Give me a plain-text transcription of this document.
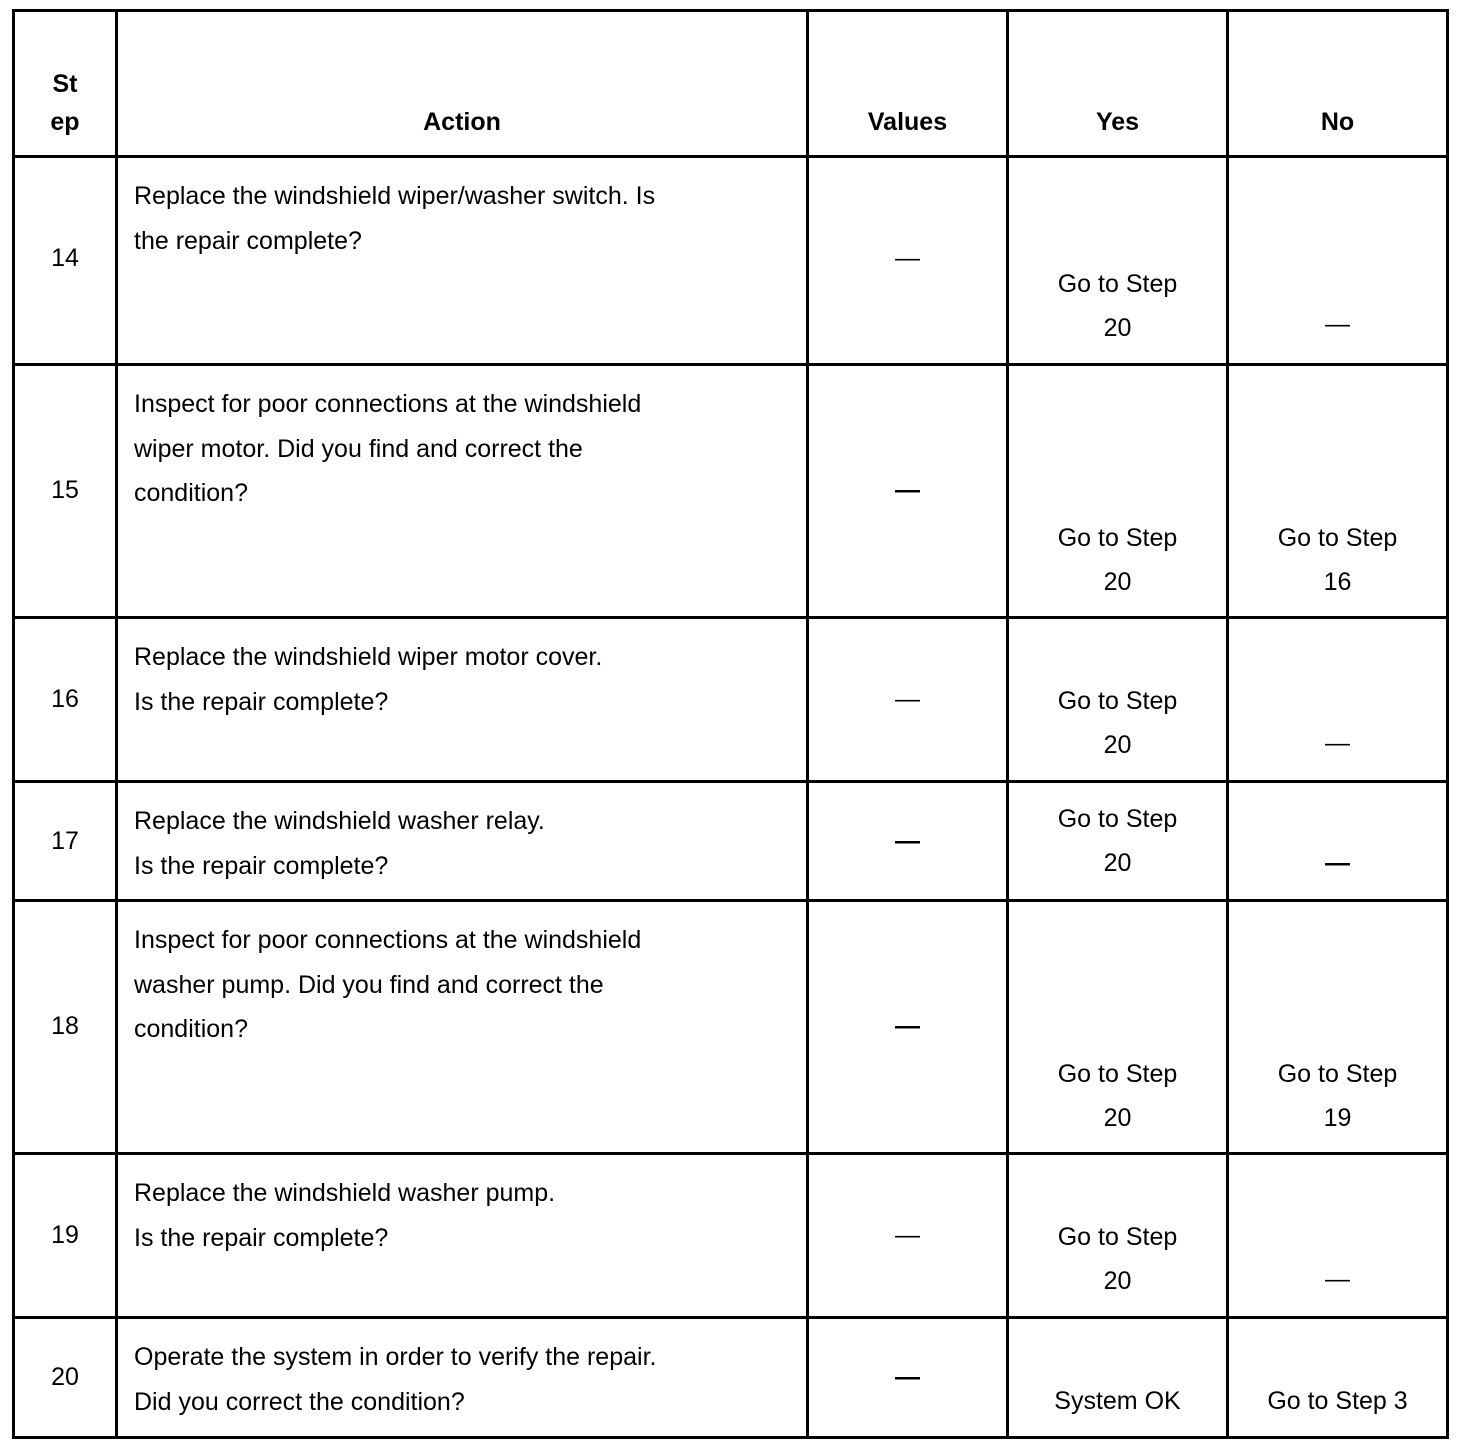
St
ep	Action	Values	Yes	No

14	Replace the windshield wiper/washer switch. Is
the repair complete?	—	Go to Step
20	—

15	Inspect for poor connections at the windshield
wiper motor. Did you find and correct the
condition?	—	Go to Step
20	Go to Step
16

16	Replace the windshield wiper motor cover.
Is the repair complete?	—	Go to Step
20	—

17	Replace the windshield washer relay.
Is the repair complete?	—	Go to Step
20	—

18	Inspect for poor connections at the windshield
washer pump. Did you find and correct the
condition?	—	Go to Step
20	Go to Step
19

19	Replace the windshield washer pump.
Is the repair complete?	—	Go to Step
20	—

20	Operate the system in order to verify the repair.
Did you correct the condition?	—	System OK	Go to Step 3
